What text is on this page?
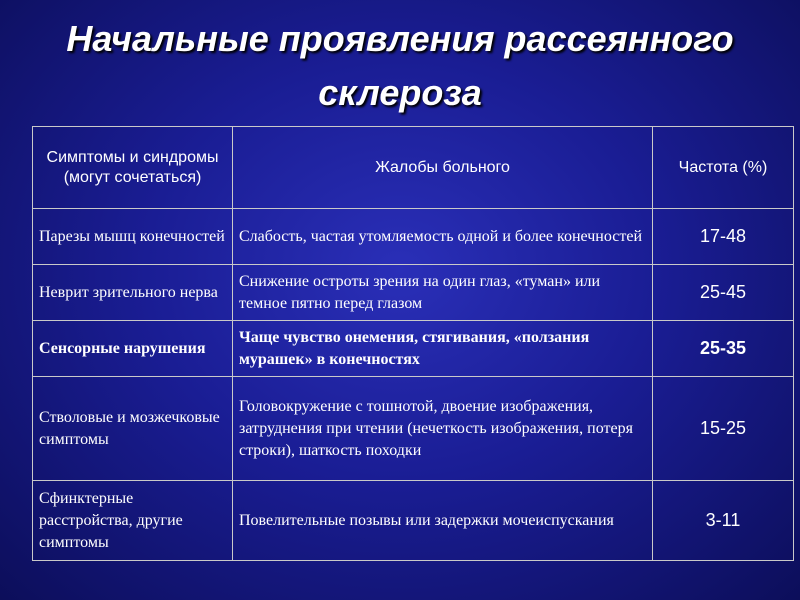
Начальные проявления рассеянного
склероза
Симптомы и синдромы (могут сочетаться)	Жалобы больного	Частота (%)
Парезы мышц конечностей	Слабость, частая утомляемость одной и более конечностей	17-48
Неврит зрительного нерва	Снижение остроты зрения на один глаз, «туман» или темное пятно перед глазом	25-45
Сенсорные нарушения	Чаще чувство онемения, стягивания, «ползания мурашек» в конечностях	25-35
Стволовые и мозжечковые симптомы	Головокружение с тошнотой, двоение изображения, затруднения при чтении (нечеткость изображения, потеря строки), шаткость походки	15-25
Сфинктерные расстройства, другие симптомы	Повелительные позывы или задержки мочеиспускания	3-11
